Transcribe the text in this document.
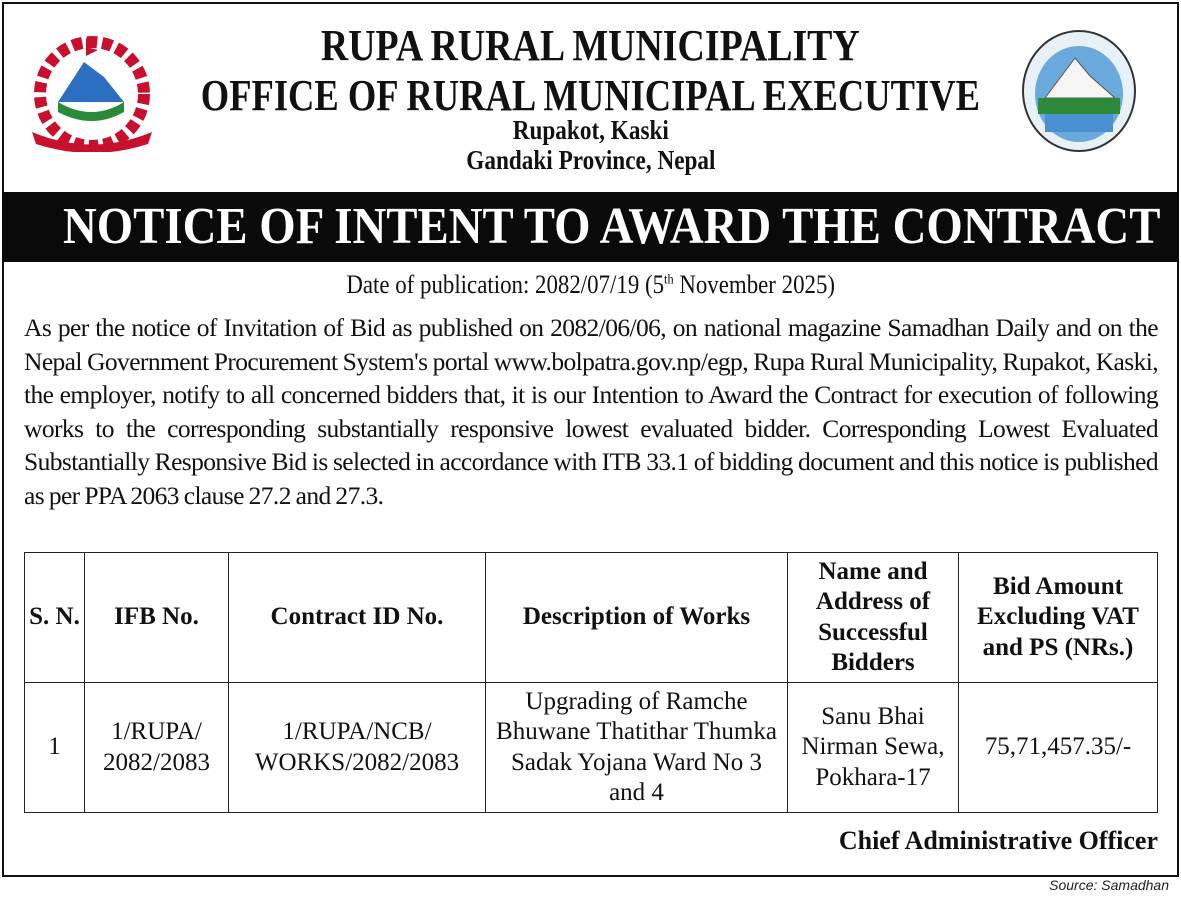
RUPA RURAL MUNICIPALITY
OFFICE OF RURAL MUNICIPAL EXECUTIVE
Rupakot, Kaski
Gandaki Province, Nepal
NOTICE OF INTENT TO AWARD THE CONTRACT
Date of publication: 2082/07/19 (5th November 2025)
As per the notice of Invitation of Bid as published on 2082/06/06, on national magazine Samadhan Daily and on the Nepal Government Procurement System's portal www.bolpatra.gov.np/egp, Rupa Rural Municipality, Rupakot, Kaski, the employer, notify to all concerned bidders that, it is our Intention to Award the Contract for execution of following works to the corresponding substantially responsive lowest evaluated bidder. Corresponding Lowest Evaluated Substantially Responsive Bid is selected in accordance with ITB 33.1 of bidding document and this notice is published as per PPA 2063 clause 27.2 and 27.3.
S. N.	IFB No.	Contract ID No.	Description of Works	Name and Address of Successful Bidders	Bid Amount Excluding VAT and PS (NRs.)
1	1/RUPA/ 2082/2083	1/RUPA/NCB/ WORKS/2082/2083	Upgrading of Ramche Bhuwane Thatithar Thumka Sadak Yojana Ward No 3 and 4	Sanu Bhai Nirman Sewa, Pokhara-17	75,71,457.35/-
Chief Administrative Officer
Source: Samadhan
